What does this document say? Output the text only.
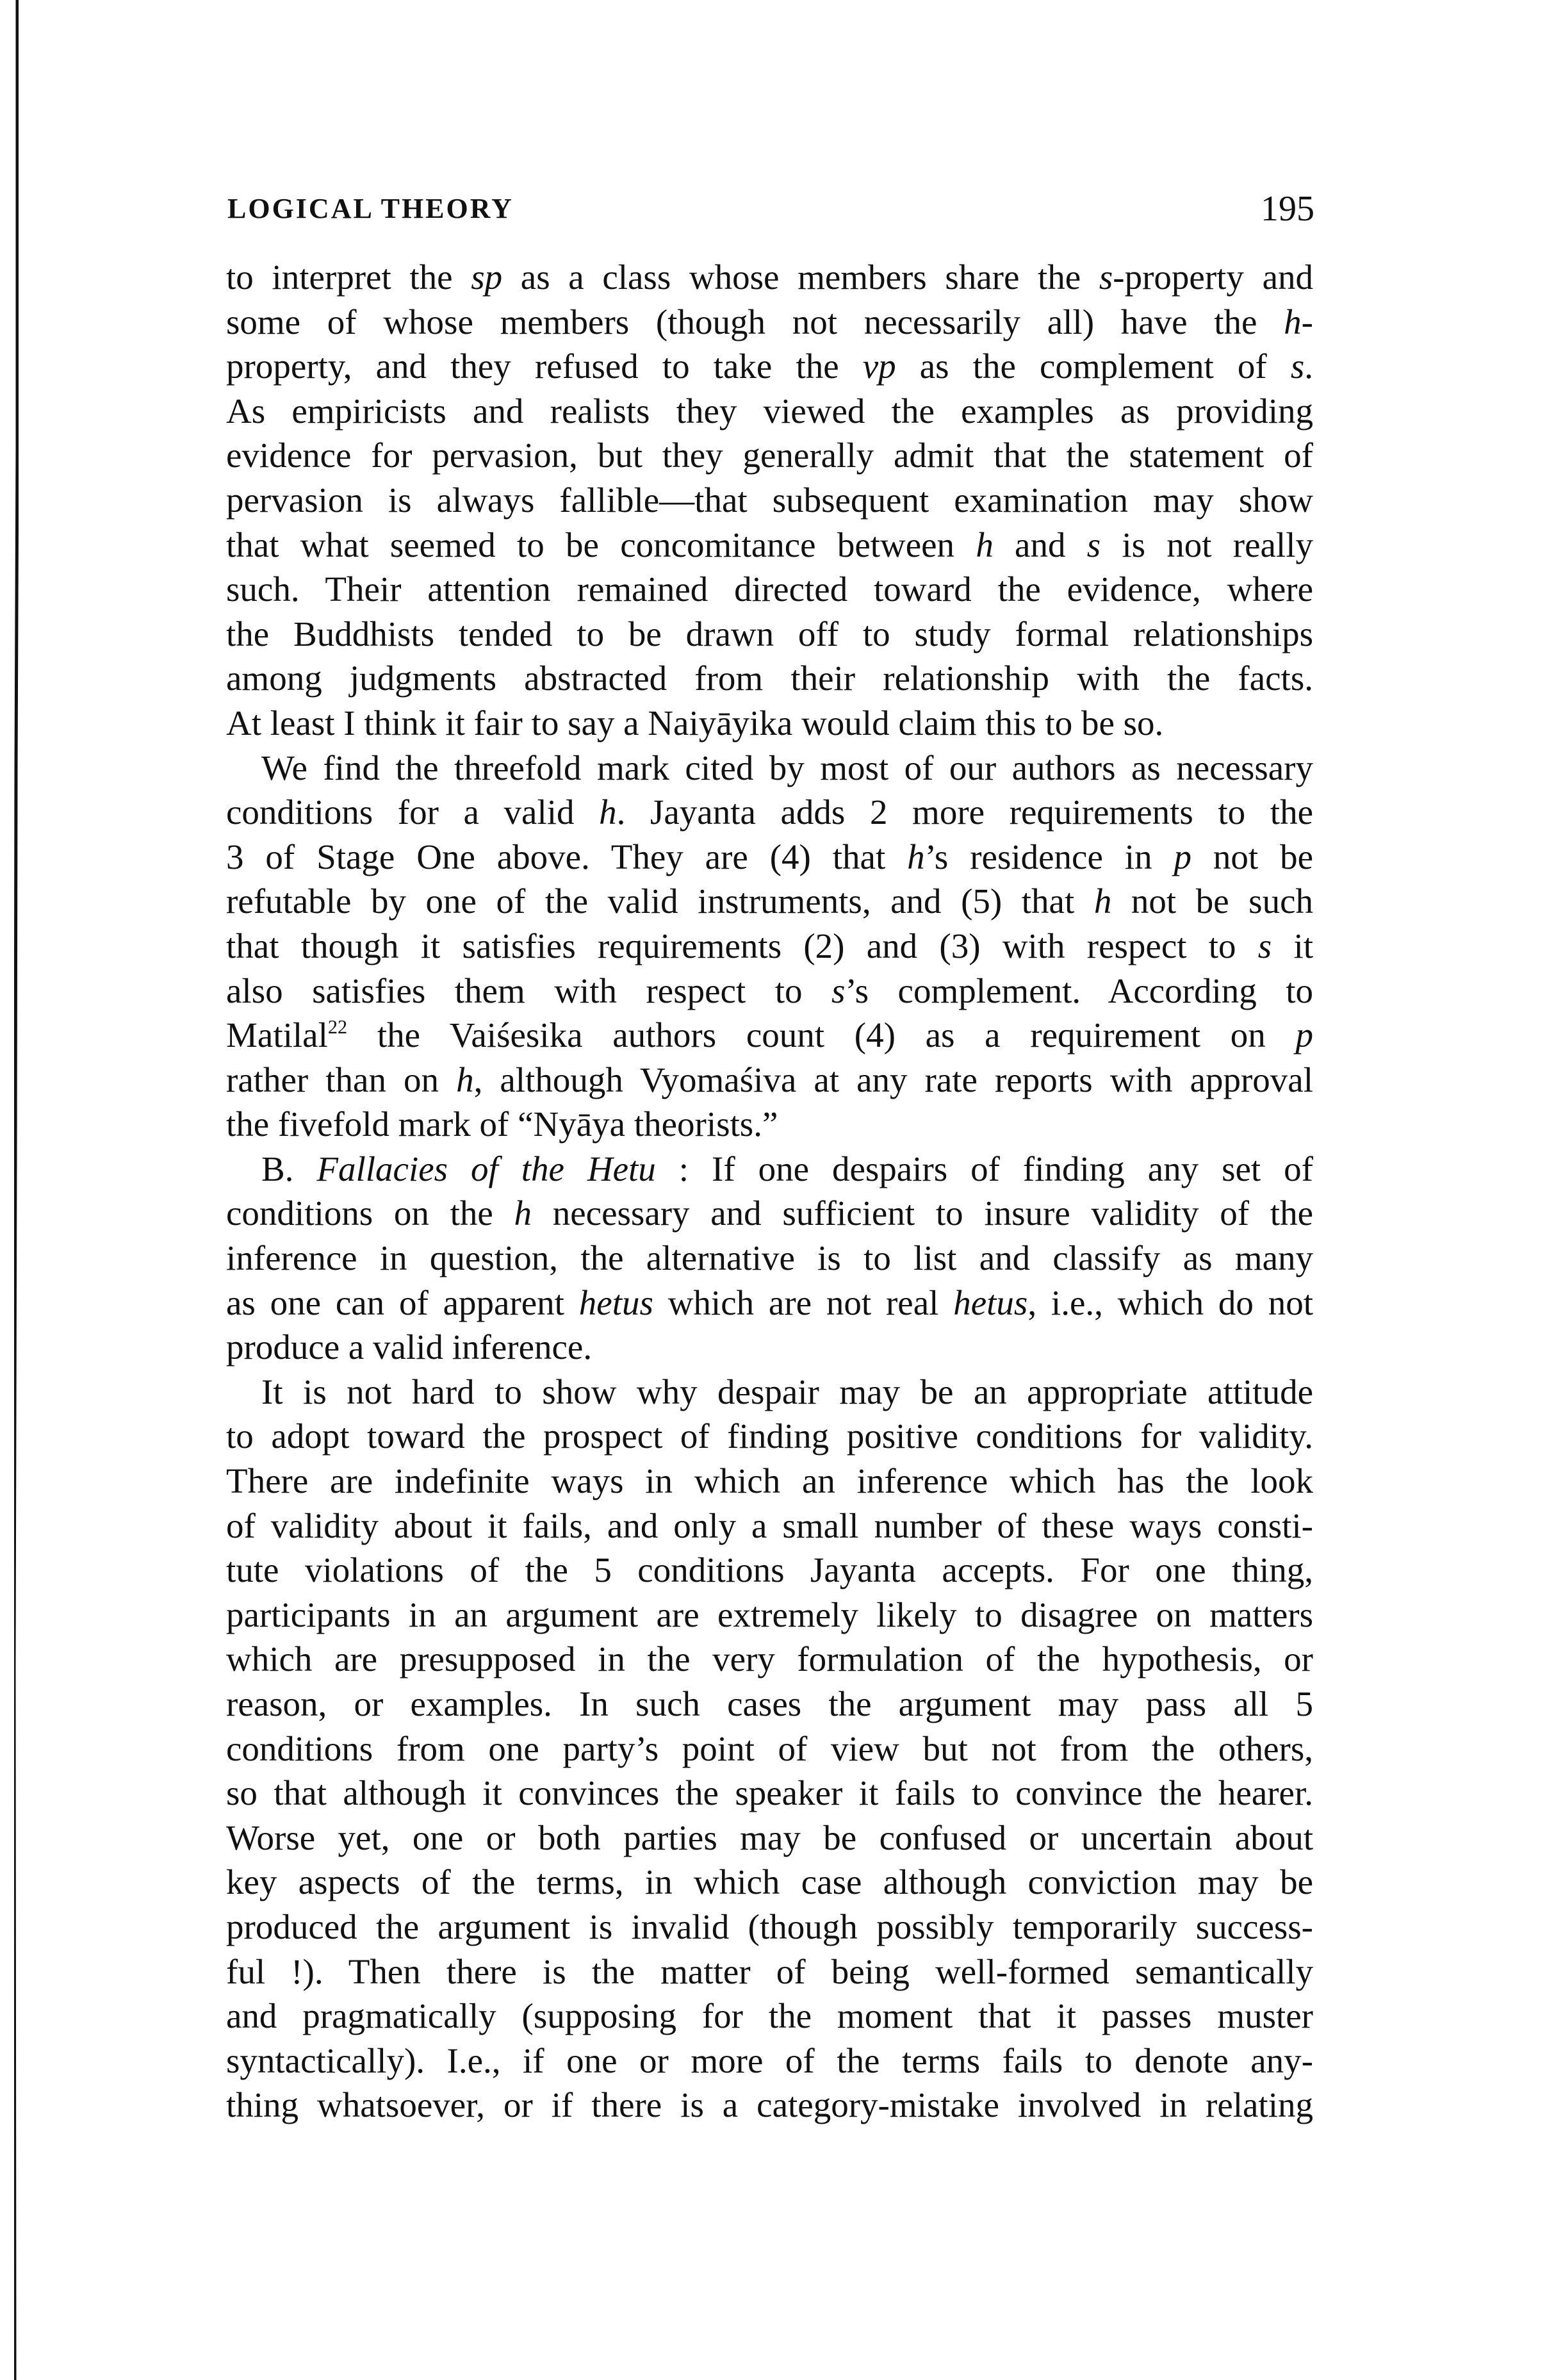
LOGICAL THEORY	195
to interpret the sp as a class whose members share the s-property and
some of whose members (though not necessarily all) have the h-
property, and they refused to take the vp as the complement of s.
As empiricists and realists they viewed the examples as providing
evidence for pervasion, but they generally admit that the statement of
pervasion is always fallible—that subsequent examination may show
that what seemed to be concomitance between h and s is not really
such. Their attention remained directed toward the evidence, where
the Buddhists tended to be drawn off to study formal relationships
among judgments abstracted from their relationship with the facts.
At least I think it fair to say a Naiyāyika would claim this to be so.
We find the threefold mark cited by most of our authors as necessary
conditions for a valid h. Jayanta adds 2 more requirements to the
3 of Stage One above. They are (4) that h’s residence in p not be
refutable by one of the valid instruments, and (5) that h not be such
that though it satisfies requirements (2) and (3) with respect to s it
also satisfies them with respect to s’s complement. According to
Matilal$^{22}$ the Vaiśesika authors count (4) as a requirement on p
rather than on h, although Vyomaśiva at any rate reports with approval
the fivefold mark of “Nyāya theorists.”
B. Fallacies of the Hetu : If one despairs of finding any set of
conditions on the h necessary and sufficient to insure validity of the
inference in question, the alternative is to list and classify as many
as one can of apparent hetus which are not real hetus, i.e., which do not
produce a valid inference.
It is not hard to show why despair may be an appropriate attitude
to adopt toward the prospect of finding positive conditions for validity.
There are indefinite ways in which an inference which has the look
of validity about it fails, and only a small number of these ways consti-
tute violations of the 5 conditions Jayanta accepts. For one thing,
participants in an argument are extremely likely to disagree on matters
which are presupposed in the very formulation of the hypothesis, or
reason, or examples. In such cases the argument may pass all 5
conditions from one party’s point of view but not from the others,
so that although it convinces the speaker it fails to convince the hearer.
Worse yet, one or both parties may be confused or uncertain about
key aspects of the terms, in which case although conviction may be
produced the argument is invalid (though possibly temporarily success-
ful !). Then there is the matter of being well-formed semantically
and pragmatically (supposing for the moment that it passes muster
syntactically). I.e., if one or more of the terms fails to denote any-
thing whatsoever, or if there is a category-mistake involved in relating
